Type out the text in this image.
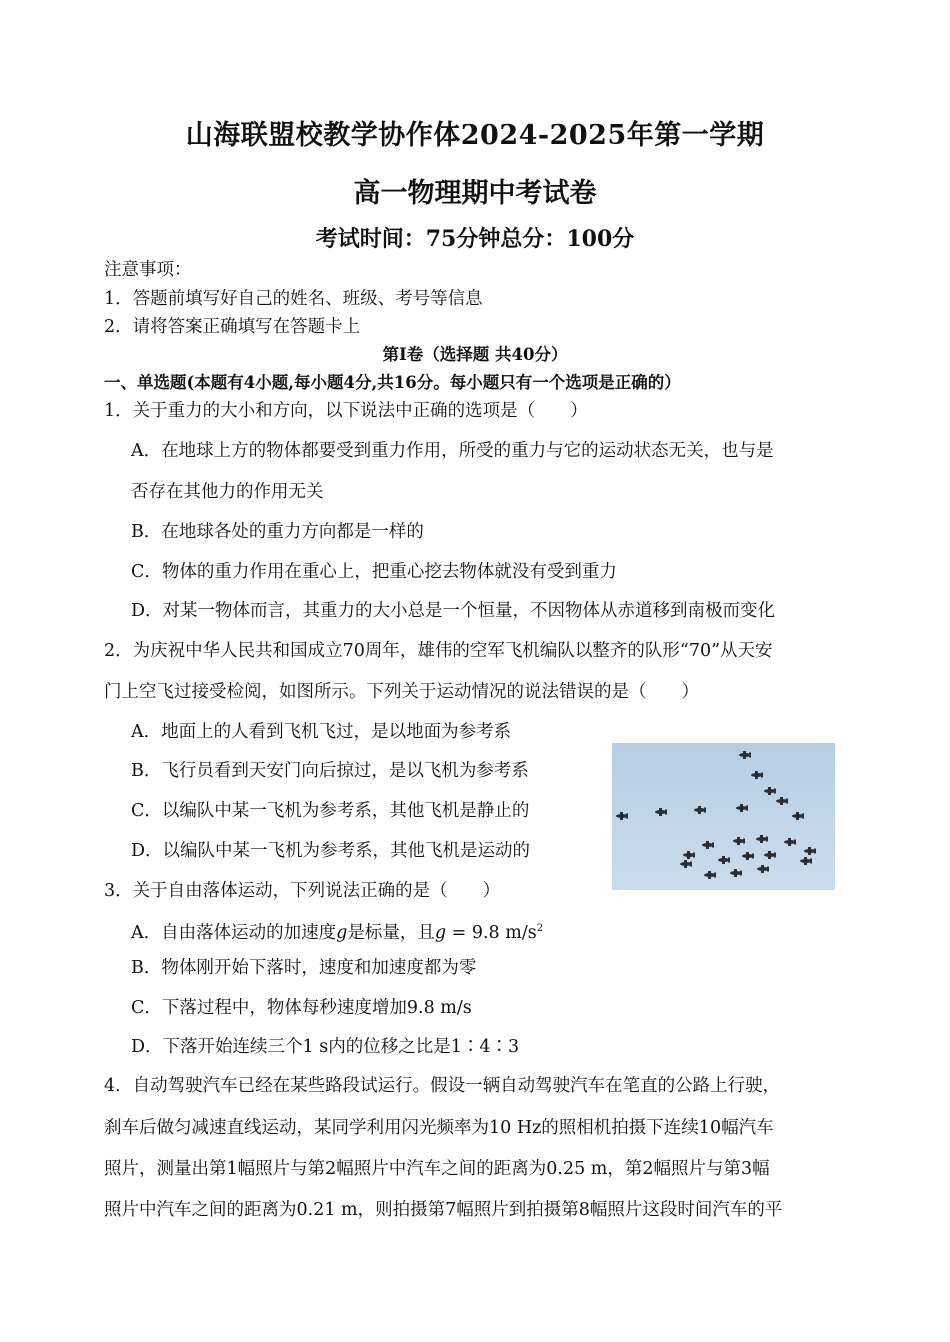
山海联盟校教学协作体2024-2025年第一学期
高一物理期中考试卷
考试时间：75分钟总分：100分
注意事项：
1．答题前填写好自己的姓名、班级、考号等信息
2．请将答案正确填写在答题卡上
第I卷（选择题 共40分）
一、单选题(本题有4小题,每小题4分,共16分。每小题只有一个选项是正确的）
1．关于重力的大小和方向，以下说法中正确的选项是（　　）
A．在地球上方的物体都要受到重力作用，所受的重力与它的运动状态无关，也与是
否存在其他力的作用无关
B．在地球各处的重力方向都是一样的
C．物体的重力作用在重心上，把重心挖去物体就没有受到重力
D．对某一物体而言，其重力的大小总是一个恒量，不因物体从赤道移到南极而变化
2．为庆祝中华人民共和国成立70周年，雄伟的空军飞机编队以整齐的队形“70”从天安
门上空飞过接受检阅，如图所示。下列关于运动情况的说法错误的是（　　）
A．地面上的人看到飞机飞过，是以地面为参考系
B．飞行员看到天安门向后掠过，是以飞机为参考系
C．以编队中某一飞机为参考系，其他飞机是静止的
D．以编队中某一飞机为参考系，其他飞机是运动的
3．关于自由落体运动，下列说法正确的是（　　）
A．自由落体运动的加速度g是标量，且g = 9.8 $m/s^2$
B．物体刚开始下落时，速度和加速度都为零
C．下落过程中，物体每秒速度增加9.8 m/s
D．下落开始连续三个1 s内的位移之比是1∶4∶3
4．自动驾驶汽车已经在某些路段试运行。假设一辆自动驾驶汽车在笔直的公路上行驶，
刹车后做匀减速直线运动，某同学利用闪光频率为10 Hz的照相机拍摄下连续10幅汽车
照片，测量出第1幅照片与第2幅照片中汽车之间的距离为0.25 m，第2幅照片与第3幅
照片中汽车之间的距离为0.21 m，则拍摄第7幅照片到拍摄第8幅照片这段时间汽车的平
